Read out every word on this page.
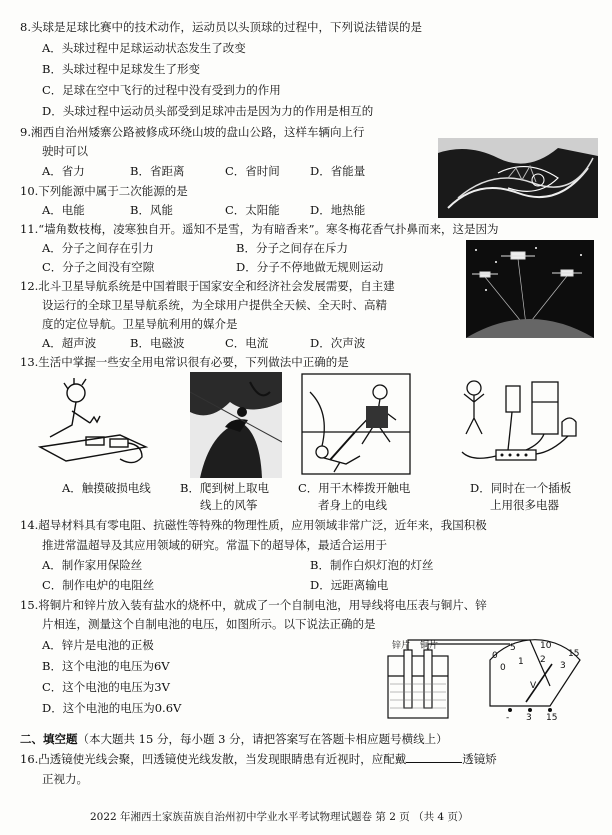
8.头球是足球比赛中的技术动作，运动员以头顶球的过程中，下列说法错误的是
A．头球过程中足球运动状态发生了改变
B．头球过程中足球发生了形变
C．足球在空中飞行的过程中没有受到力的作用
D．头球过程中运动员头部受到足球冲击是因为力的作用是相互的
9.湘西自治州矮寨公路被修成环绕山坡的盘山公路，这样车辆向上行
驶时可以
A．省力	B．省距离	C．省时间	D．省能量
10.下列能源中属于二次能源的是
A．电能	B．风能	C．太阳能	D．地热能
11.“墙角数枝梅，凌寒独自开。遥知不是雪，为有暗香来”。寒冬梅花香气扑鼻而来，这是因为
A．分子之间存在引力	B．分子之间存在斥力
C．分子之间没有空隙	D．分子不停地做无规则运动
12.北斗卫星导航系统是中国着眼于国家安全和经济社会发展需要，自主建
设运行的全球卫星导航系统，为全球用户提供全天候、全天时、高精
度的定位导航。卫星导航利用的媒介是
A．超声波	B．电磁波	C．电流	D．次声波
13.生活中掌握一些安全用电常识很有必要，下列做法中正确的是
A．触摸破损电线	B．爬到树上取电
线上的风筝
C．用干木棒拨开触电
者身上的电线
D．同时在一个插板
上用很多电器
14.超导材料具有零电阻、抗磁性等特殊的物理性质，应用领域非常广泛，近年来，我国积极
推进常温超导及其应用领域的研究。常温下的超导体，最适合运用于
A．制作家用保险丝	B．制作白炽灯泡的灯丝
C．制作电炉的电阻丝	D．远距离输电
15.将铜片和锌片放入装有盐水的烧杯中，就成了一个自制电池，用导线将电压表与铜片、锌
片相连，测量这个自制电池的电压，如图所示。以下说法正确的是
A．锌片是电池的正极
B．这个电池的电压为6V
C．这个电池的电压为3V
D．这个电池的电压为0.6V
锌片 铜片
0
5	10
15
0
1 2
3
V
- 3 15
二、填空题（本大题共 15 分，每小题 3 分，请把答案写在答题卡相应题号横线上）
16.凸透镜使光线会聚，凹透镜使光线发散，当发现眼睛患有近视时，应配戴	透镜矫
正视力。
2022 年湘西土家族苗族自治州初中学业水平考试物理试题卷 第 2 页 （共 4 页）
